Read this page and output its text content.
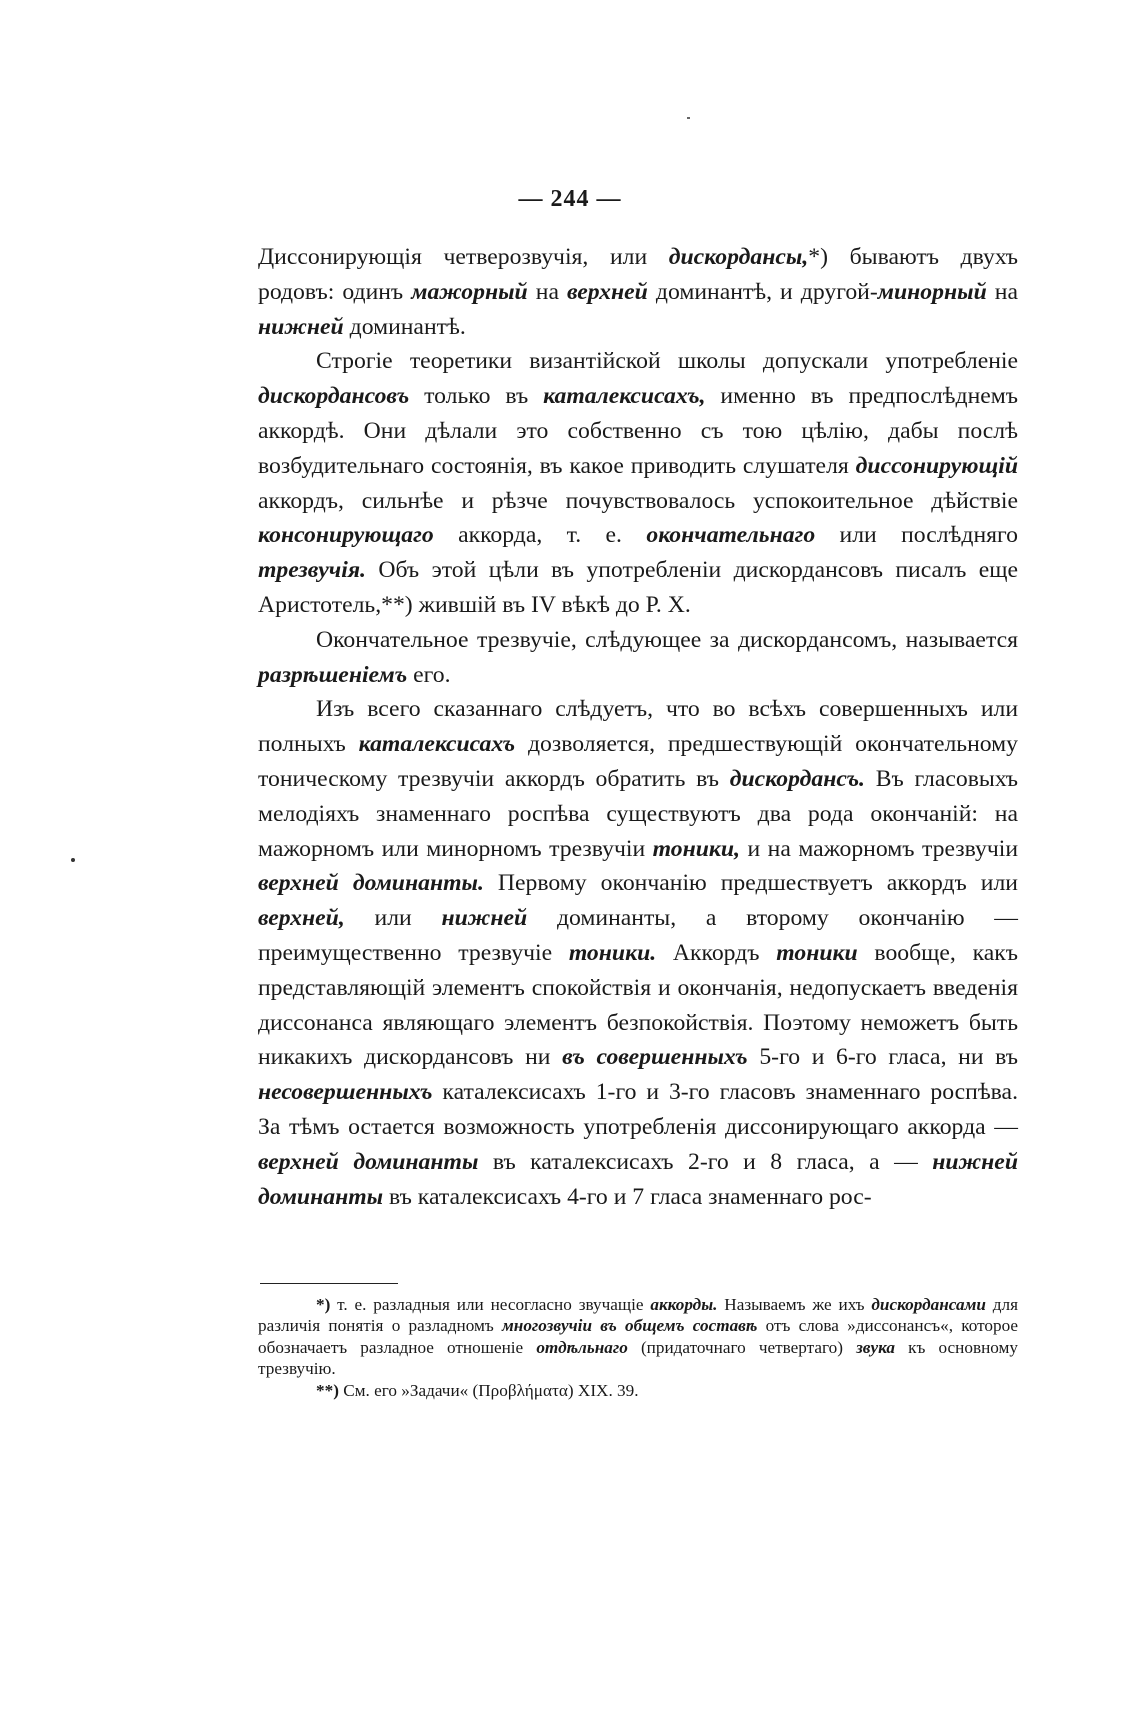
— 244 —

Диссонирующія четверозвучія, или дискордансы,*) бываютъ двухъ родовъ: одинъ мажорный на верхней доминантѣ, и другой-минорный на нижней доминантѣ.

Строгіе теоретики византійской школы допускали употребленіе дискордансовъ только въ каталексисахъ, именно въ предпослѣднемъ аккордѣ. Они дѣлали это собственно съ тою цѣлію, дабы послѣ возбудительнаго состоянія, въ какое приводить слушателя диссонирующій аккордъ, сильнѣе и рѣзче почувствовалось успокоительное дѣйствіе консонирующаго аккорда, т. е. окончательнаго или послѣдняго трезвучія. Объ этой цѣли въ употребленіи дискордансовъ писалъ еще Аристотель,**) жившій въ IV вѣкѣ до Р. X.

Окончательное трезвучіе, слѣдующее за дискордансомъ, называется разрѣшеніемъ его.

Изъ всего сказаннаго слѣдуетъ, что во всѣхъ совершенныхъ или полныхъ каталексисахъ дозволяется, предшествующій окончательному тоническому трезвучіи аккордъ обратить въ дискордансъ. Въ гласовыхъ мелодіяхъ знаменнаго роспѣва существуютъ два рода окончаній: на мажорномъ или минорномъ трезвучіи тоники, и на мажорномъ трезвучіи верхней доминанты. Первому окончанію предшествуетъ аккордъ или верхней, или нижней доминанты, а второму окончанію — преимущественно трезвучіе тоники. Аккордъ тоники вообще, какъ представляющій элементъ спокойствія и окончанія, недопускаетъ введенія диссонанса являющаго элементъ безпокойствія. Поэтому неможетъ быть никакихъ дискордансовъ ни въ совершенныхъ 5-го и 6-го гласа, ни въ несовершенныхъ каталексисахъ 1-го и 3-го гласовъ знаменнаго роспѣва. За тѣмъ остается возможность употребленія диссонирующаго аккорда — верхней доминанты въ каталексисахъ 2-го и 8 гласа, а — нижней доминанты въ каталексисахъ 4-го и 7 гласа знаменнаго рос-

*) т. е. разладныя или несогласно звучащіе аккорды. Называемъ же ихъ дискордансами для различія понятія о разладномъ многозвучіи въ общемъ составѣ отъ слова »диссонансъ«, которое обозначаетъ разладное отношеніе отдѣльнаго (придаточнаго четвертаго) звука къ основному трезвучію.

**) См. его »Задачи« (Προβλήματα) XIX. 39.
